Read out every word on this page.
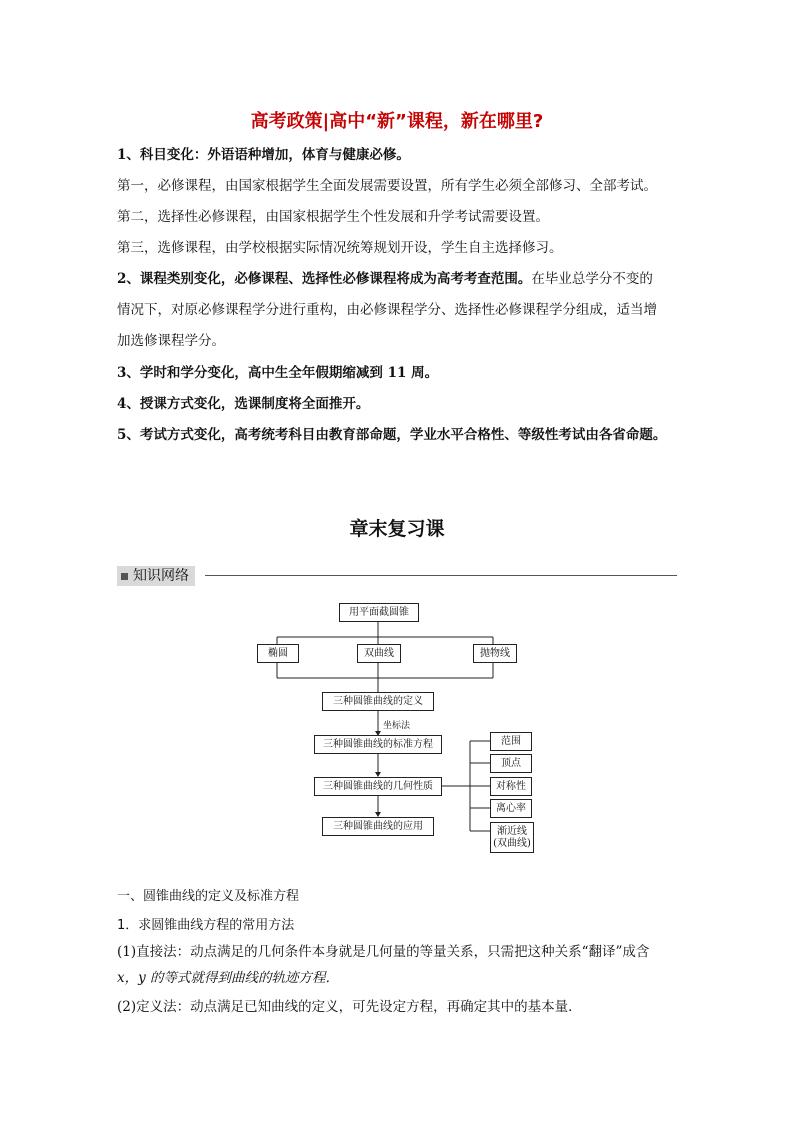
高考政策|高中“新”课程，新在哪里?
1、科目变化：外语语种增加，体育与健康必修。
第一，必修课程，由国家根据学生全面发展需要设置，所有学生必须全部修习、全部考试。
第二，选择性必修课程，由国家根据学生个性发展和升学考试需要设置。
第三，选修课程，由学校根据实际情况统筹规划开设，学生自主选择修习。
2、课程类别变化，必修课程、选择性必修课程将成为高考考查范围。在毕业总学分不变的
情况下，对原必修课程学分进行重构，由必修课程学分、选择性必修课程学分组成，适当增
加选修课程学分。
3、学时和学分变化，高中生全年假期缩减到 11 周。
4、授课方式变化，选课制度将全面推开。
5、考试方式变化，高考统考科目由教育部命题，学业水平合格性、等级性考试由各省命题。
章末复习课
知识网络
用平面截圆锥
椭圆	双曲线	抛物线
三种圆锥曲线的定义
坐标法
三种圆锥曲线的标准方程
三种圆锥曲线的几何性质
三种圆锥曲线的应用
范围
顶点
对称性
离心率
渐近线
(双曲线)
一、圆锥曲线的定义及标准方程
1．求圆锥曲线方程的常用方法
(1)直接法：动点满足的几何条件本身就是几何量的等量关系，只需把这种关系“翻译”成含
x，y 的等式就得到曲线的轨迹方程．
(2)定义法：动点满足已知曲线的定义，可先设定方程，再确定其中的基本量．
